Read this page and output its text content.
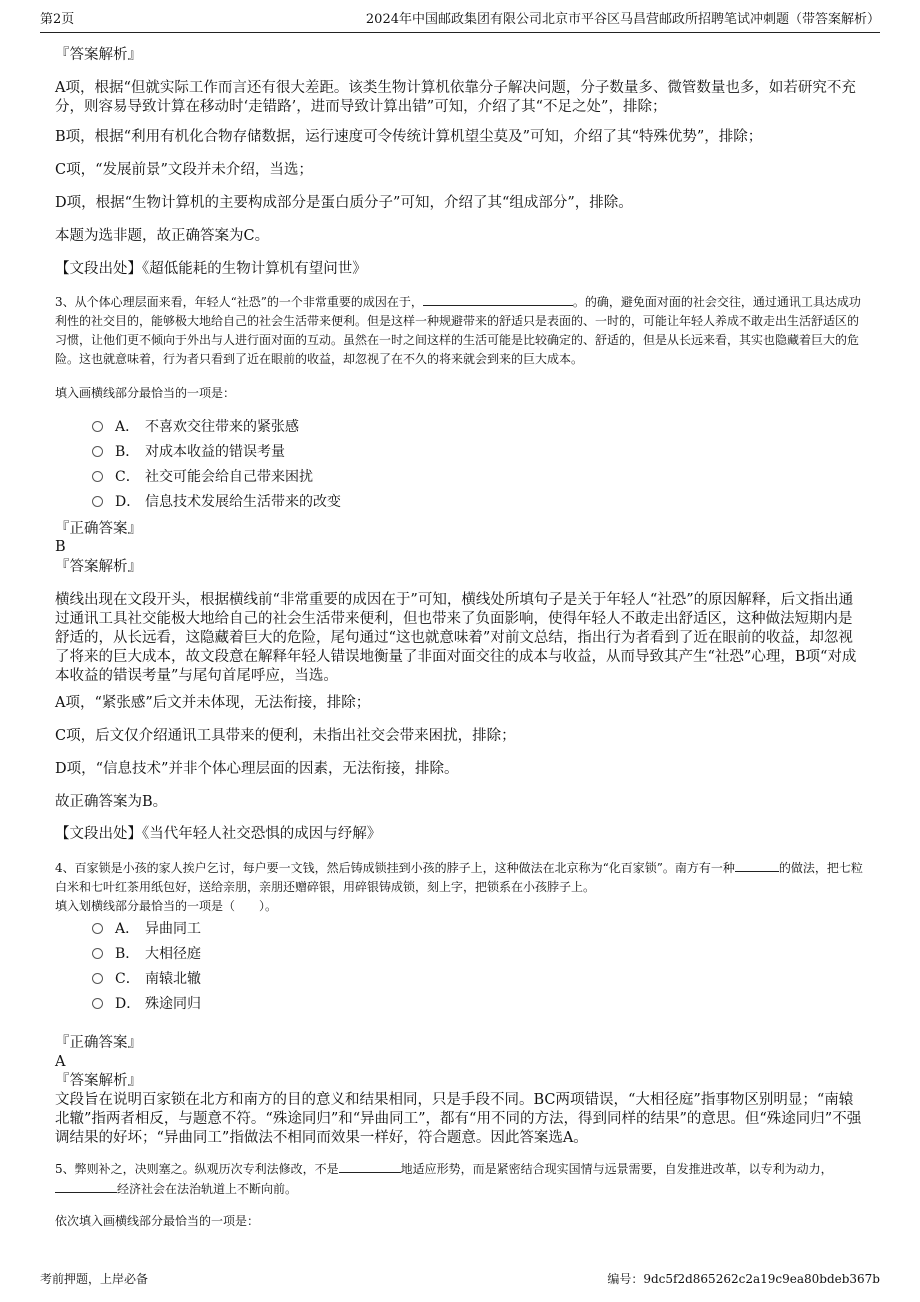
第2页	2024年中国邮政集团有限公司北京市平谷区马昌营邮政所招聘笔试冲刺题（带答案解析）
『答案解析』
A项，根据“但就实际工作而言还有很大差距。该类生物计算机依靠分子解决问题，分子数量多、微管数量也多，如若研究不充分，则容易导致计算在移动时‘走错路’，进而导致计算出错”可知，介绍了其“不足之处”，排除；
B项，根据“利用有机化合物存储数据，运行速度可令传统计算机望尘莫及”可知，介绍了其“特殊优势”，排除；
C项，“发展前景”文段并未介绍，当选；
D项，根据“生物计算机的主要构成部分是蛋白质分子”可知，介绍了其“组成部分”，排除。
本题为选非题，故正确答案为C。
【文段出处】《超低能耗的生物计算机有望问世》
3、从个体心理层面来看，年轻人“社恐”的一个非常重要的成因在于，	。的确，避免面对面的社会交往，通过通讯工具达成功利性的社交目的，能够极大地给自己的社会生活带来便利。但是这样一种规避带来的舒适只是表面的、一时的，可能让年轻人养成不敢走出生活舒适区的习惯，让他们更不倾向于外出与人进行面对面的互动。虽然在一时之间这样的生活可能是比较确定的、舒适的，但是从长远来看，其实也隐藏着巨大的危险。这也就意味着，行为者只看到了近在眼前的收益，却忽视了在不久的将来就会到来的巨大成本。
填入画横线部分最恰当的一项是：
A． 不喜欢交往带来的紧张感
B． 对成本收益的错误考量
C． 社交可能会给自己带来困扰
D． 信息技术发展给生活带来的改变
『正确答案』
B
『答案解析』
横线出现在文段开头，根据横线前“非常重要的成因在于”可知，横线处所填句子是关于年轻人“社恐”的原因解释，后文指出通过通讯工具社交能极大地给自己的社会生活带来便利，但也带来了负面影响，使得年轻人不敢走出舒适区，这种做法短期内是舒适的，从长远看，这隐藏着巨大的危险，尾句通过“这也就意味着”对前文总结，指出行为者看到了近在眼前的收益，却忽视了将来的巨大成本，故文段意在解释年轻人错误地衡量了非面对面交往的成本与收益，从而导致其产生“社恐”心理，B项“对成本收益的错误考量”与尾句首尾呼应，当选。
A项，“紧张感”后文并未体现，无法衔接，排除；
C项，后文仅介绍通讯工具带来的便利，未指出社交会带来困扰，排除；
D项，“信息技术”并非个体心理层面的因素，无法衔接，排除。
故正确答案为B。
【文段出处】《当代年轻人社交恐惧的成因与纾解》
4、百家锁是小孩的家人挨户乞讨，每户要一文钱，然后铸成锁挂到小孩的脖子上，这种做法在北京称为“化百家锁”。南方有一种	的做法，把七粒白米和七叶红茶用纸包好，送给亲朋，亲朋还赠碎银，用碎银铸成锁，刻上字，把锁系在小孩脖子上。
填入划横线部分最恰当的一项是（　　）。
A． 异曲同工
B． 大相径庭
C． 南辕北辙
D． 殊途同归
『正确答案』
A
『答案解析』
文段旨在说明百家锁在北方和南方的目的意义和结果相同，只是手段不同。BC两项错误，“大相径庭”指事物区别明显；“南辕北辙”指两者相反，与题意不符。“殊途同归”和“异曲同工”，都有“用不同的方法，得到同样的结果”的意思。但“殊途同归”不强调结果的好坏；“异曲同工”指做法不相同而效果一样好，符合题意。因此答案选A。
5、弊则补之，决则塞之。纵观历次专利法修改，不是	地适应形势，而是紧密结合现实国情与远景需要，自发推进改革，以专利为动力，经济社会在法治轨道上不断向前。
依次填入画横线部分最恰当的一项是：
考前押题，上岸必备	编号：9dc5f2d865262c2a19c9ea80bdeb367b
